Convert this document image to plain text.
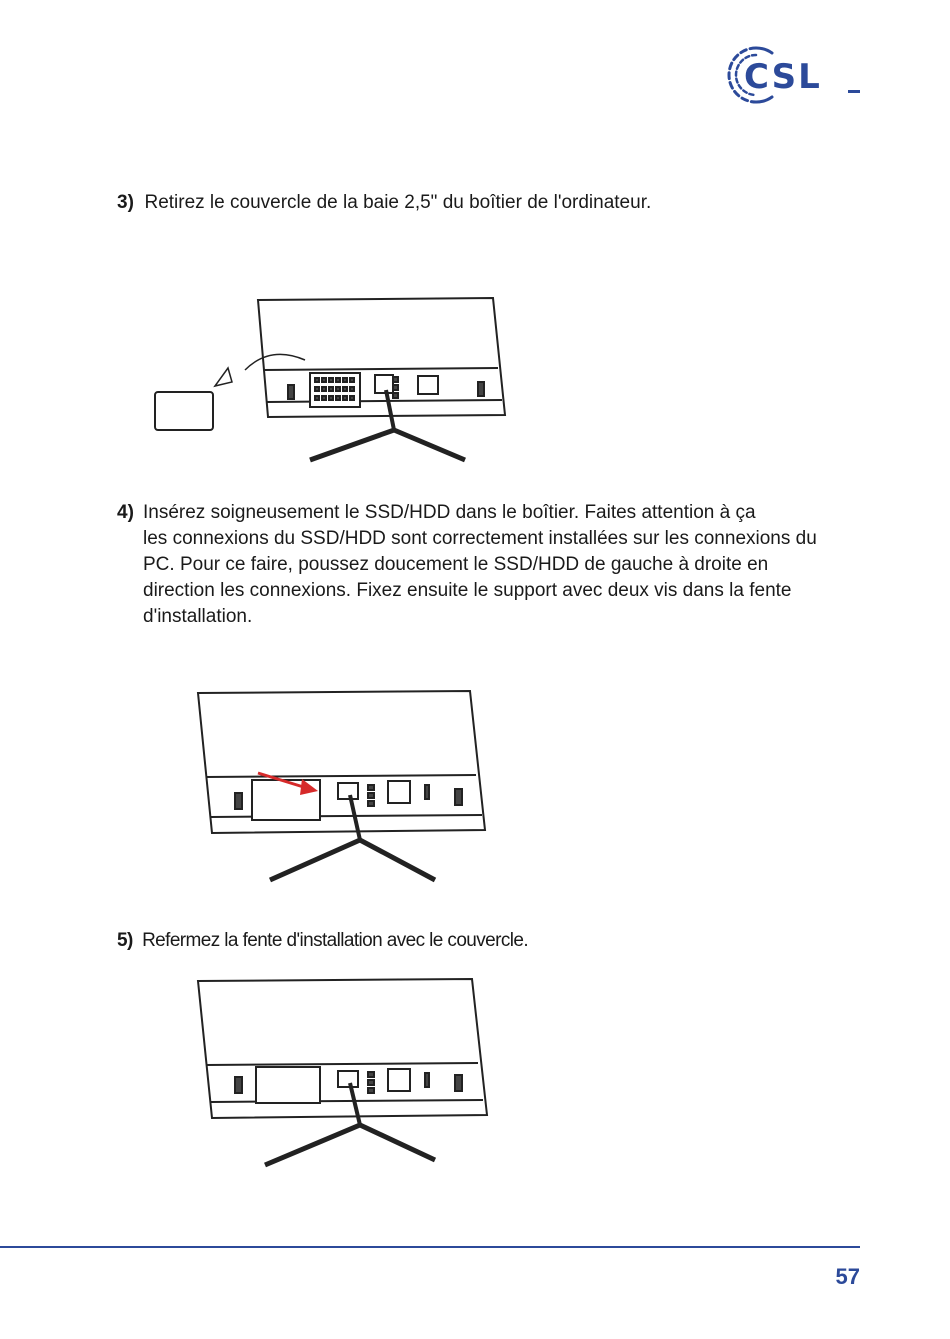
CSL
3) Retirez le couvercle de la baie 2,5" du boîtier de l'ordinateur.
4) Insérez soigneusement le SSD/HDD dans le boîtier. Faites attention à ça
les connexions du SSD/HDD sont correctement installées sur les connexions du
PC. Pour ce faire, poussez doucement le SSD/HDD de gauche à droite en
direction les connexions. Fixez ensuite le support avec deux vis dans la fente
d'installation.
5) Refermez la fente d'installation avec le couvercle.
57
